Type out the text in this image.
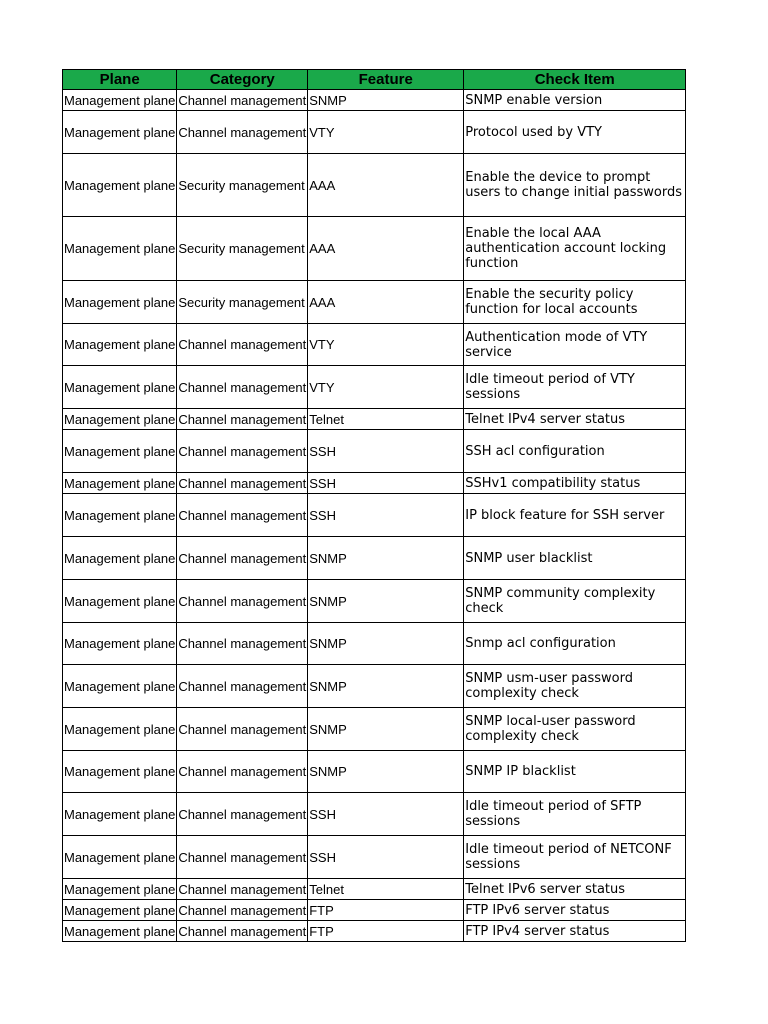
Plane	Category	Feature	Check Item
Management plane	Channel management	SNMP	SNMP enable version
Management plane	Channel management	VTY	Protocol used by VTY
Management plane	Security management	AAA	Enable the device to prompt users to change initial passwords
Management plane	Security management	AAA	Enable the local AAA authentication account locking function
Management plane	Security management	AAA	Enable the security policy function for local accounts
Management plane	Channel management	VTY	Authentication mode of VTY service
Management plane	Channel management	VTY	Idle timeout period of VTY sessions
Management plane	Channel management	Telnet	Telnet IPv4 server status
Management plane	Channel management	SSH	SSH acl configuration
Management plane	Channel management	SSH	SSHv1 compatibility status
Management plane	Channel management	SSH	IP block feature for SSH server
Management plane	Channel management	SNMP	SNMP user blacklist
Management plane	Channel management	SNMP	SNMP community complexity check
Management plane	Channel management	SNMP	Snmp acl configuration
Management plane	Channel management	SNMP	SNMP usm-user password complexity check
Management plane	Channel management	SNMP	SNMP local-user password complexity check
Management plane	Channel management	SNMP	SNMP IP blacklist
Management plane	Channel management	SSH	Idle timeout period of SFTP sessions
Management plane	Channel management	SSH	Idle timeout period of NETCONF sessions
Management plane	Channel management	Telnet	Telnet IPv6 server status
Management plane	Channel management	FTP	FTP IPv6 server status
Management plane	Channel management	FTP	FTP IPv4 server status
